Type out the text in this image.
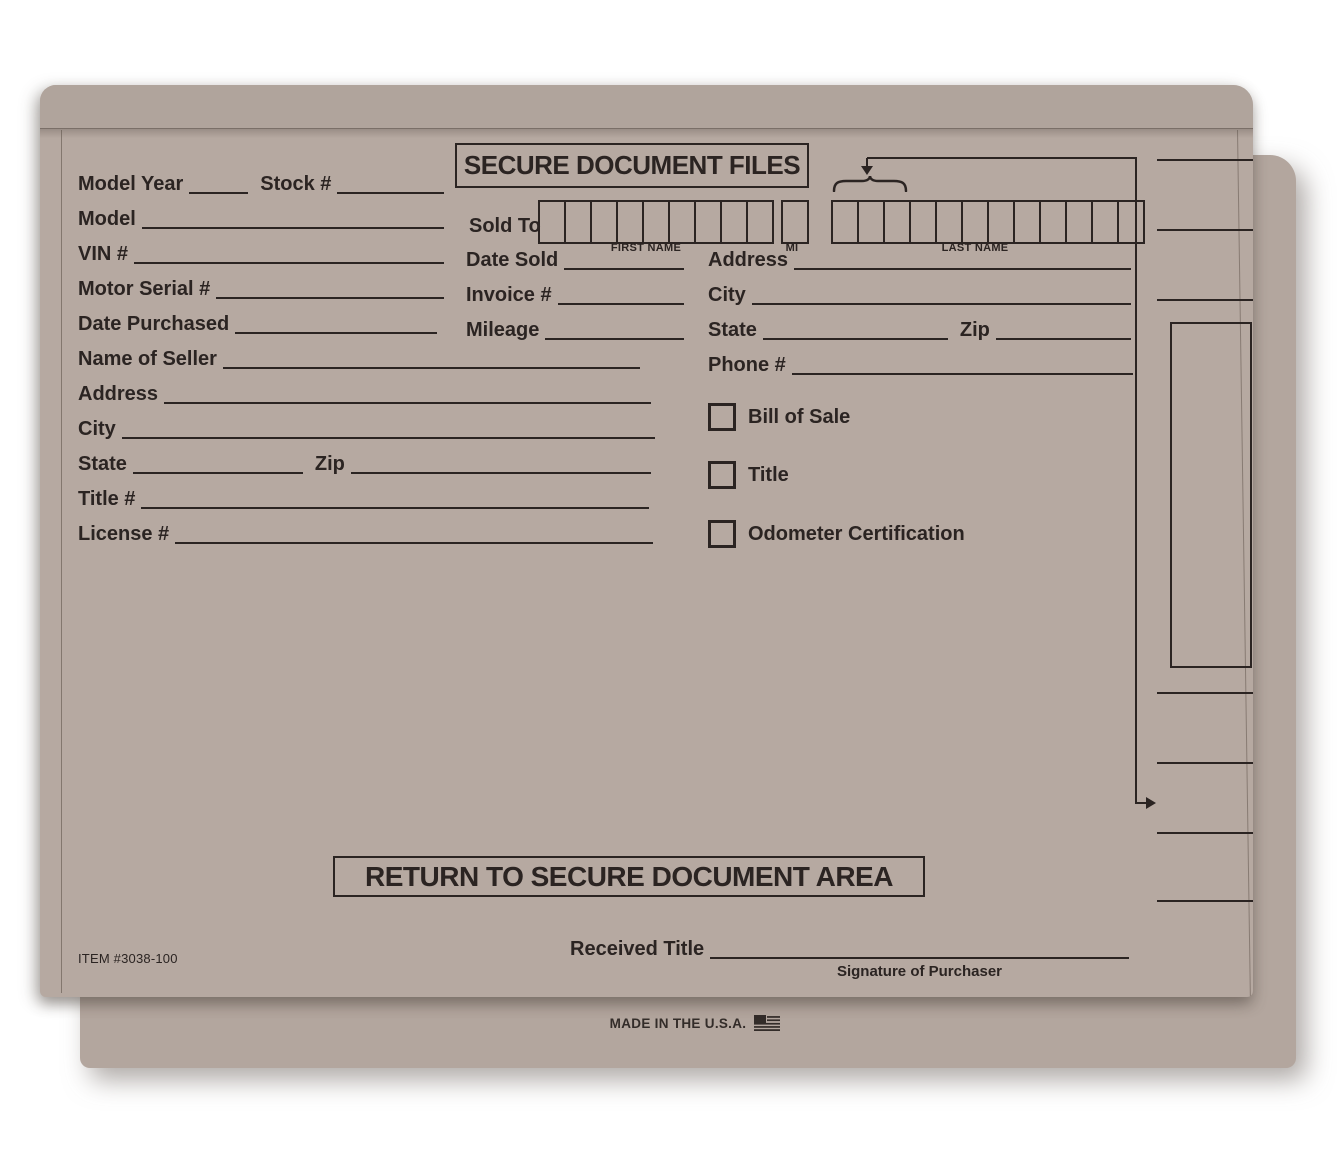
MADE IN THE U.S.A.
SECURE DOCUMENT FILES
Model Year	Stock #
Model
VIN #
Motor Serial #
Date Purchased
Name of Seller
Address
City
State	Zip
Title #
License #
Sold To
FIRST NAME	MI	LAST NAME
Date Sold
Invoice #
Mileage
Address
City
State	Zip
Phone #
Bill of Sale
Title
Odometer Certification
RETURN TO SECURE DOCUMENT AREA
Received Title
Signature of Purchaser
ITEM #3038-100
